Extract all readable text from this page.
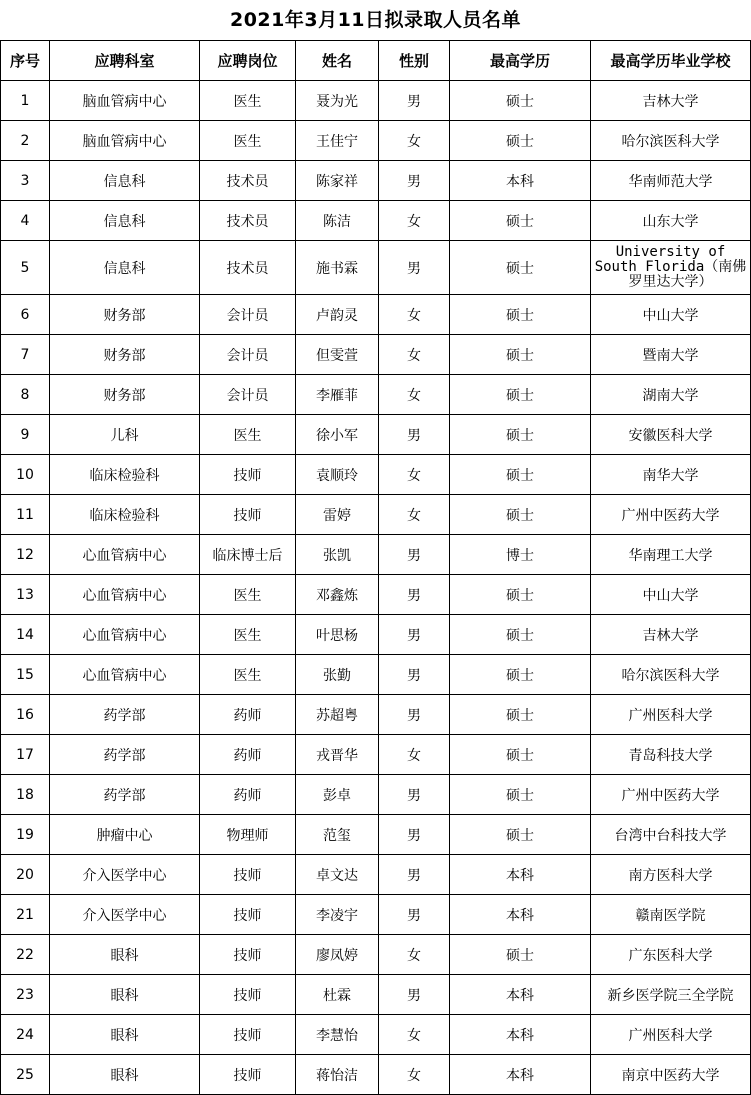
2021年3月11日拟录取人员名单
序号	应聘科室	应聘岗位	姓名	性别	最高学历	最高学历毕业学校
1	脑血管病中心	医生	聂为光	男	硕士	吉林大学
2	脑血管病中心	医生	王佳宁	女	硕士	哈尔滨医科大学
3	信息科	技术员	陈家祥	男	本科	华南师范大学
4	信息科	技术员	陈洁	女	硕士	山东大学
5	信息科	技术员	施书霖	男	硕士	University of South Florida（南佛罗里达大学）
6	财务部	会计员	卢韵灵	女	硕士	中山大学
7	财务部	会计员	但雯萱	女	硕士	暨南大学
8	财务部	会计员	李雁菲	女	硕士	湖南大学
9	儿科	医生	徐小军	男	硕士	安徽医科大学
10	临床检验科	技师	袁顺玲	女	硕士	南华大学
11	临床检验科	技师	雷婷	女	硕士	广州中医药大学
12	心血管病中心	临床博士后	张凯	男	博士	华南理工大学
13	心血管病中心	医生	邓鑫炼	男	硕士	中山大学
14	心血管病中心	医生	叶思杨	男	硕士	吉林大学
15	心血管病中心	医生	张勤	男	硕士	哈尔滨医科大学
16	药学部	药师	苏超粤	男	硕士	广州医科大学
17	药学部	药师	戎晋华	女	硕士	青岛科技大学
18	药学部	药师	彭卓	男	硕士	广州中医药大学
19	肿瘤中心	物理师	范玺	男	硕士	台湾中台科技大学
20	介入医学中心	技师	卓文达	男	本科	南方医科大学
21	介入医学中心	技师	李凌宇	男	本科	赣南医学院
22	眼科	技师	廖凤婷	女	硕士	广东医科大学
23	眼科	技师	杜霖	男	本科	新乡医学院三全学院
24	眼科	技师	李慧怡	女	本科	广州医科大学
25	眼科	技师	蒋怡洁	女	本科	南京中医药大学
